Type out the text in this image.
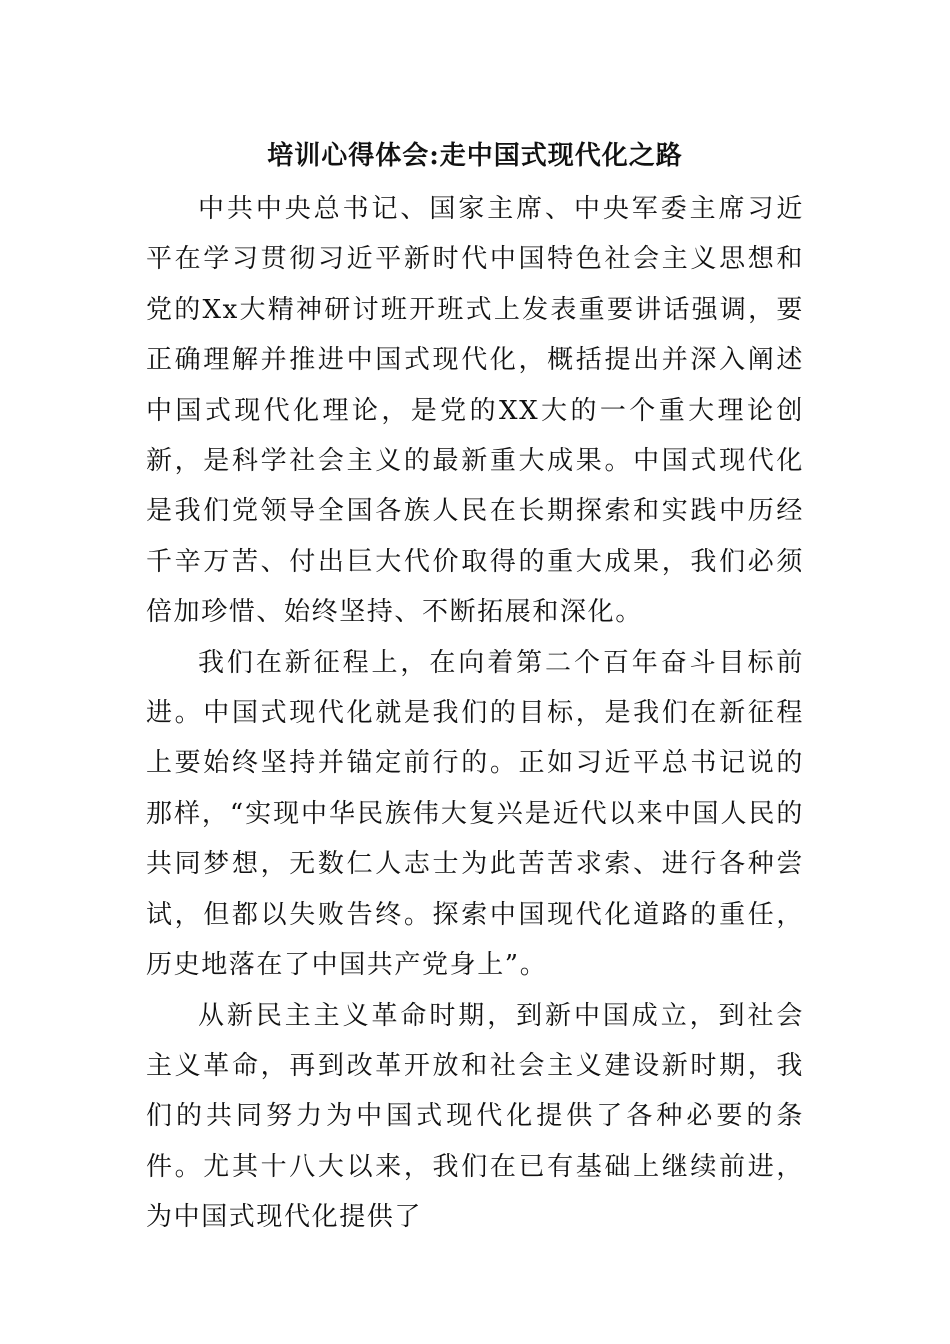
培训心得体会:走中国式现代化之路

中共中央总书记、国家主席、中央军委主席习近平在学习贯彻习近平新时代中国特色社会主义思想和党的Xx大精神研讨班开班式上发表重要讲话强调，要正确理解并推进中国式现代化，概括提出并深入阐述中国式现代化理论，是党的XX大的一个重大理论创新，是科学社会主义的最新重大成果。中国式现代化是我们党领导全国各族人民在长期探索和实践中历经千辛万苦、付出巨大代价取得的重大成果，我们必须倍加珍惜、始终坚持、不断拓展和深化。

我们在新征程上，在向着第二个百年奋斗目标前进。中国式现代化就是我们的目标，是我们在新征程上要始终坚持并锚定前行的。正如习近平总书记说的那样，“实现中华民族伟大复兴是近代以来中国人民的共同梦想，无数仁人志士为此苦苦求索、进行各种尝试，但都以失败告终。探索中国现代化道路的重任，历史地落在了中国共产党身上”。

从新民主主义革命时期，到新中国成立，到社会主义革命，再到改革开放和社会主义建设新时期，我们的共同努力为中国式现代化提供了各种必要的条件。尤其十八大以来，我们在已有基础上继续前进，为中国式现代化提供了
